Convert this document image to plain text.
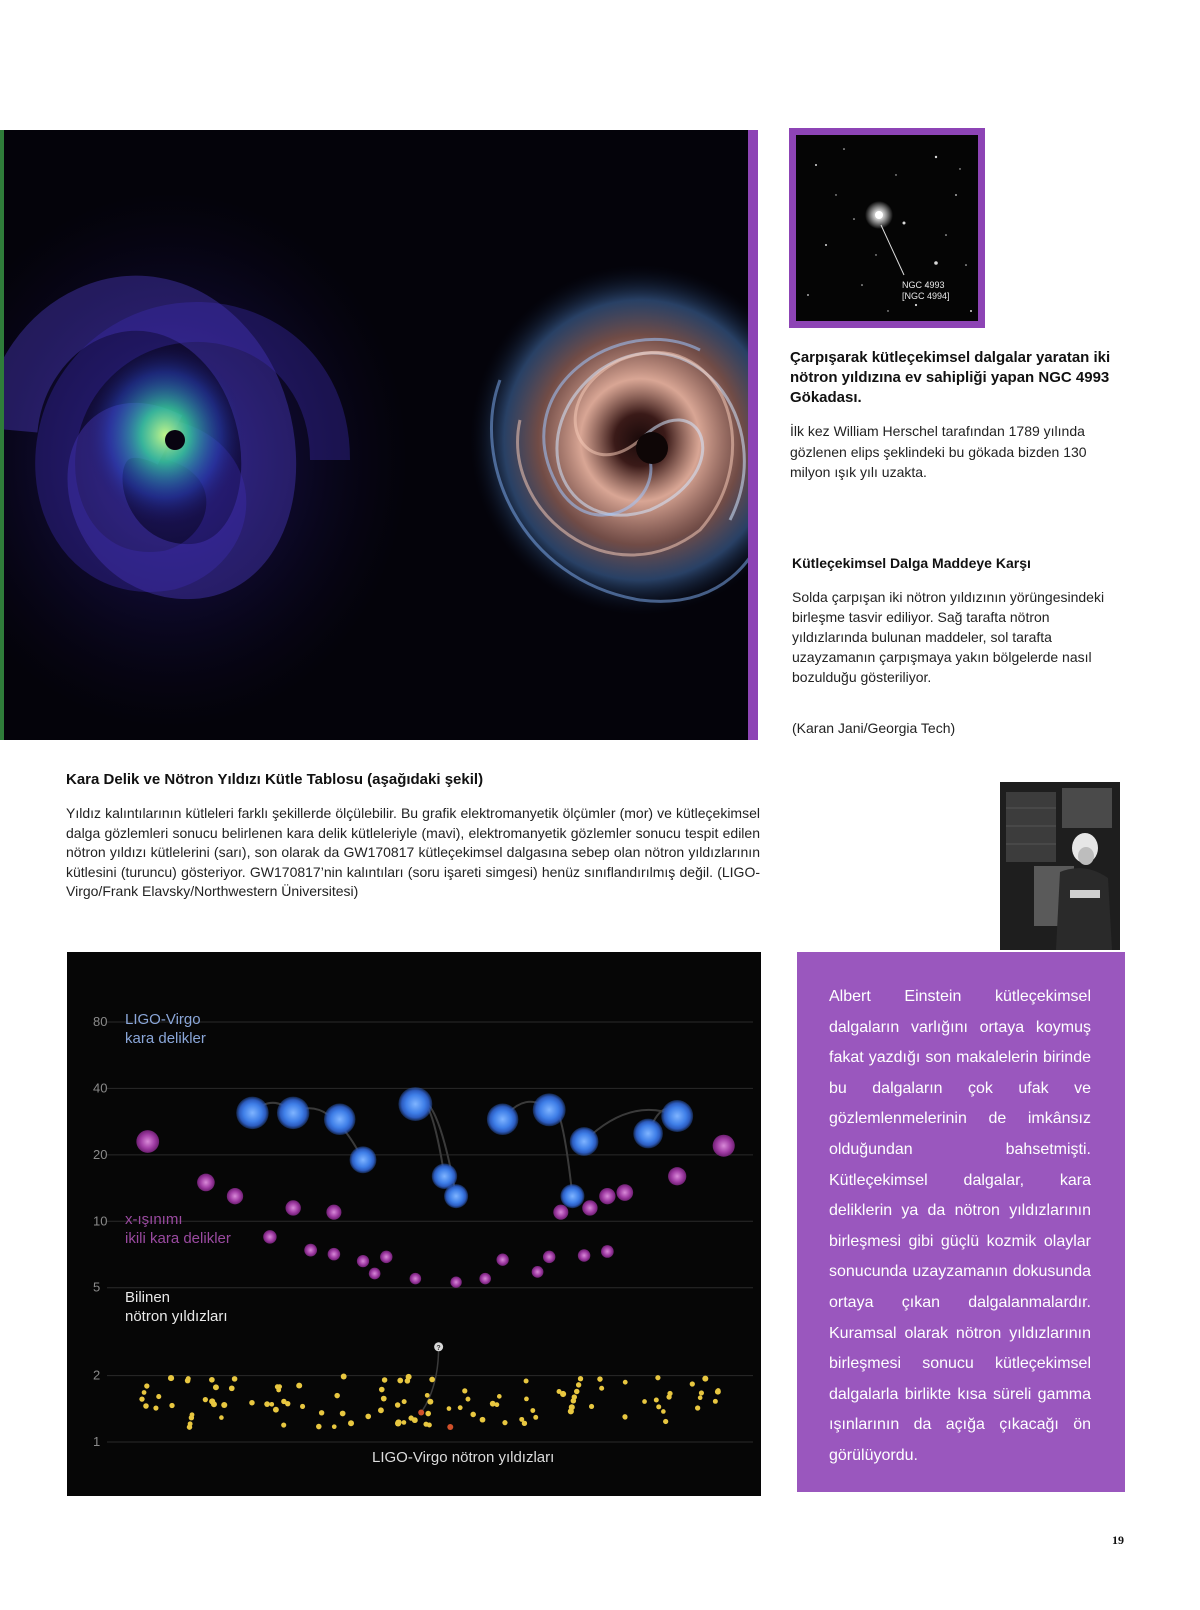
NGC 4993
[NGC 4994]
Çarpışarak kütleçekimsel dalgalar yaratan iki nötron yıldızına ev sahipliği yapan NGC 4993 Gökadası.
İlk kez William Herschel tarafından 1789 yılında gözlenen elips şeklindeki bu gökada bizden 130 milyon ışık yılı uzakta.
Kütleçekimsel Dalga Maddeye Karşı
Solda çarpışan iki nötron yıldızının yörüngesindeki birleşme tasvir ediliyor. Sağ tarafta nötron yıldızlarında bulunan maddeler, sol tarafta uzayzamanın çarpışmaya yakın bölgelerde nasıl bozulduğu gösteriliyor.
(Karan Jani/Georgia Tech)
Kara Delik ve Nötron Yıldızı Kütle Tablosu (aşağıdaki şekil)
Yıldız kalıntılarının kütleleri farklı şekillerde ölçülebilir. Bu grafik elektromanyetik ölçümler (mor) ve kütleçekimsel dalga gözlemleri sonucu belirlenen kara delik kütleleriyle (mavi), elektromanyetik gözlemler sonucu tespit edilen nötron yıldızı kütlelerini (sarı), son olarak da GW170817 kütleçekimsel dalgasına sebep olan nötron yıldızlarının kütlesini (turuncu) gösteriyor. GW170817’nin kalıntıları (soru işareti simgesi) henüz sınıflandırılmış değil. (LIGO-Virgo/Frank Elavsky/Northwestern Üniversitesi)
1
2
5
10
20
40
80
?
LIGO-Virgo
kara delikler
x-ışınımı
ikili kara delikler
Bilinen
nötron yıldızları
LIGO-Virgo nötron yıldızları
Albert Einstein kütleçekimsel dalgaların varlığını ortaya koymuş fakat yazdığı son makalelerin birinde bu dalgaların çok ufak ve gözlemlenmelerinin de imkânsız olduğundan bahsetmişti. Kütleçekimsel dalgalar, kara deliklerin ya da nötron yıldızlarının birleşmesi gibi güçlü kozmik olaylar sonucunda uzayzamanın dokusunda ortaya çıkan dalgalanmalardır. Kuramsal olarak nötron yıldızlarının birleşmesi sonucu kütleçekimsel dalgalarla birlikte kısa süreli gamma ışınlarının da açığa çıkacağı ön görülüyordu.
19
